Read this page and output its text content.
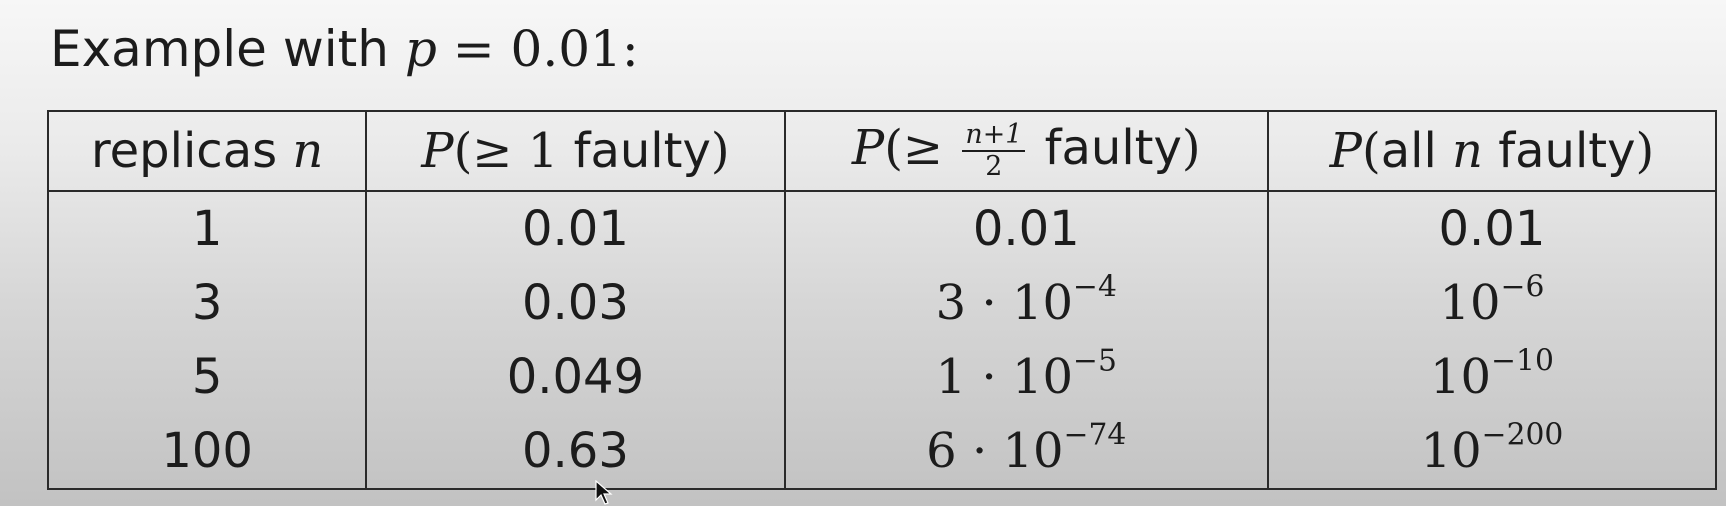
Example with p = 0.01:
replicas n	P(≥ 1 faulty)	$P(\ge \frac{n+1}{2}$ faulty)	P(all n faulty)
1	0.01	0.01	0.01
3	0.03	$3 \cdot 10^{-4}$	$10^{-6}$
5	0.049	$1 \cdot 10^{-5}$	$10^{-10}$
100	0.63	$6 \cdot 10^{-74}$	$10^{-200}$
